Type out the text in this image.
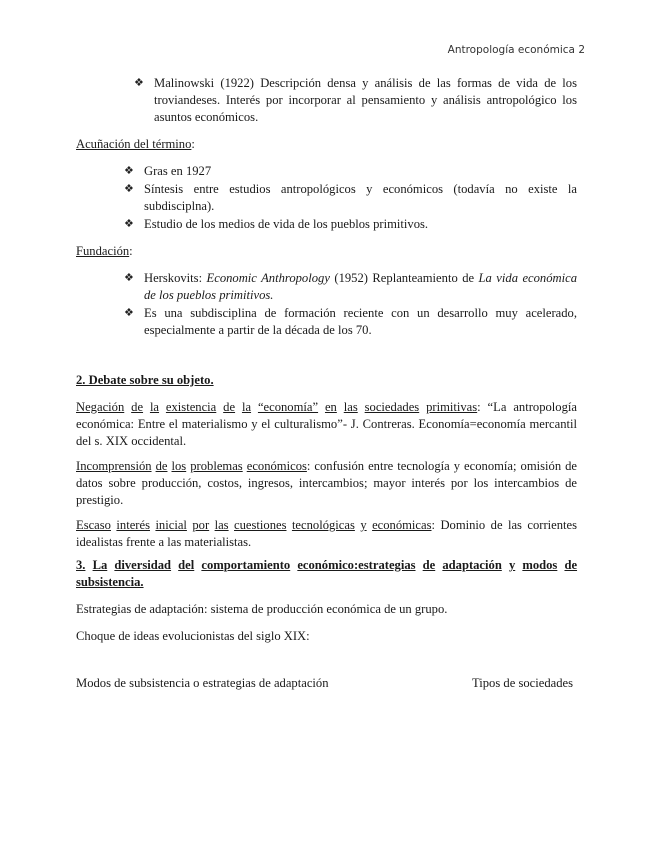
Antropología económica 2
❖ Malinowski (1922) Descripción densa y análisis de las formas de vida de los troviandeses. Interés por incorporar al pensamiento y análisis antropológico los asuntos económicos.

Acuñación del término:

❖ Gras en 1927
❖ Síntesis entre estudios antropológicos y económicos (todavía no existe la subdisciplna).
❖ Estudio de los medios de vida de los pueblos primitivos.

Fundación:

❖ Herskovits: Economic Anthropology (1952) Replanteamiento de La vida económica de los pueblos primitivos.
❖ Es una subdisciplina de formación reciente con un desarrollo muy acelerado, especialmente a partir de la década de los 70.

2. Debate sobre su objeto.

Negación de la existencia de la “economía” en las sociedades primitivas: “La antropología económica: Entre el materialismo y el culturalismo”- J. Contreras. Economía=economía mercantil del s. XIX occidental.

Incomprensión de los problemas económicos: confusión entre tecnología y economía; omisión de datos sobre producción, costos, ingresos, intercambios; mayor interés por los intercambios de prestigio.

Escaso interés inicial por las cuestiones tecnológicas y económicas: Dominio de las corrientes idealistas frente a las materialistas.

3. La diversidad del comportamiento económico:estrategias de adaptación y modos de subsistencia.

Estrategias de adaptación: sistema de producción económica de un grupo.

Choque de ideas evolucionistas del siglo XIX:

Modos de subsistencia o estrategias de adaptación	Tipos de sociedades
